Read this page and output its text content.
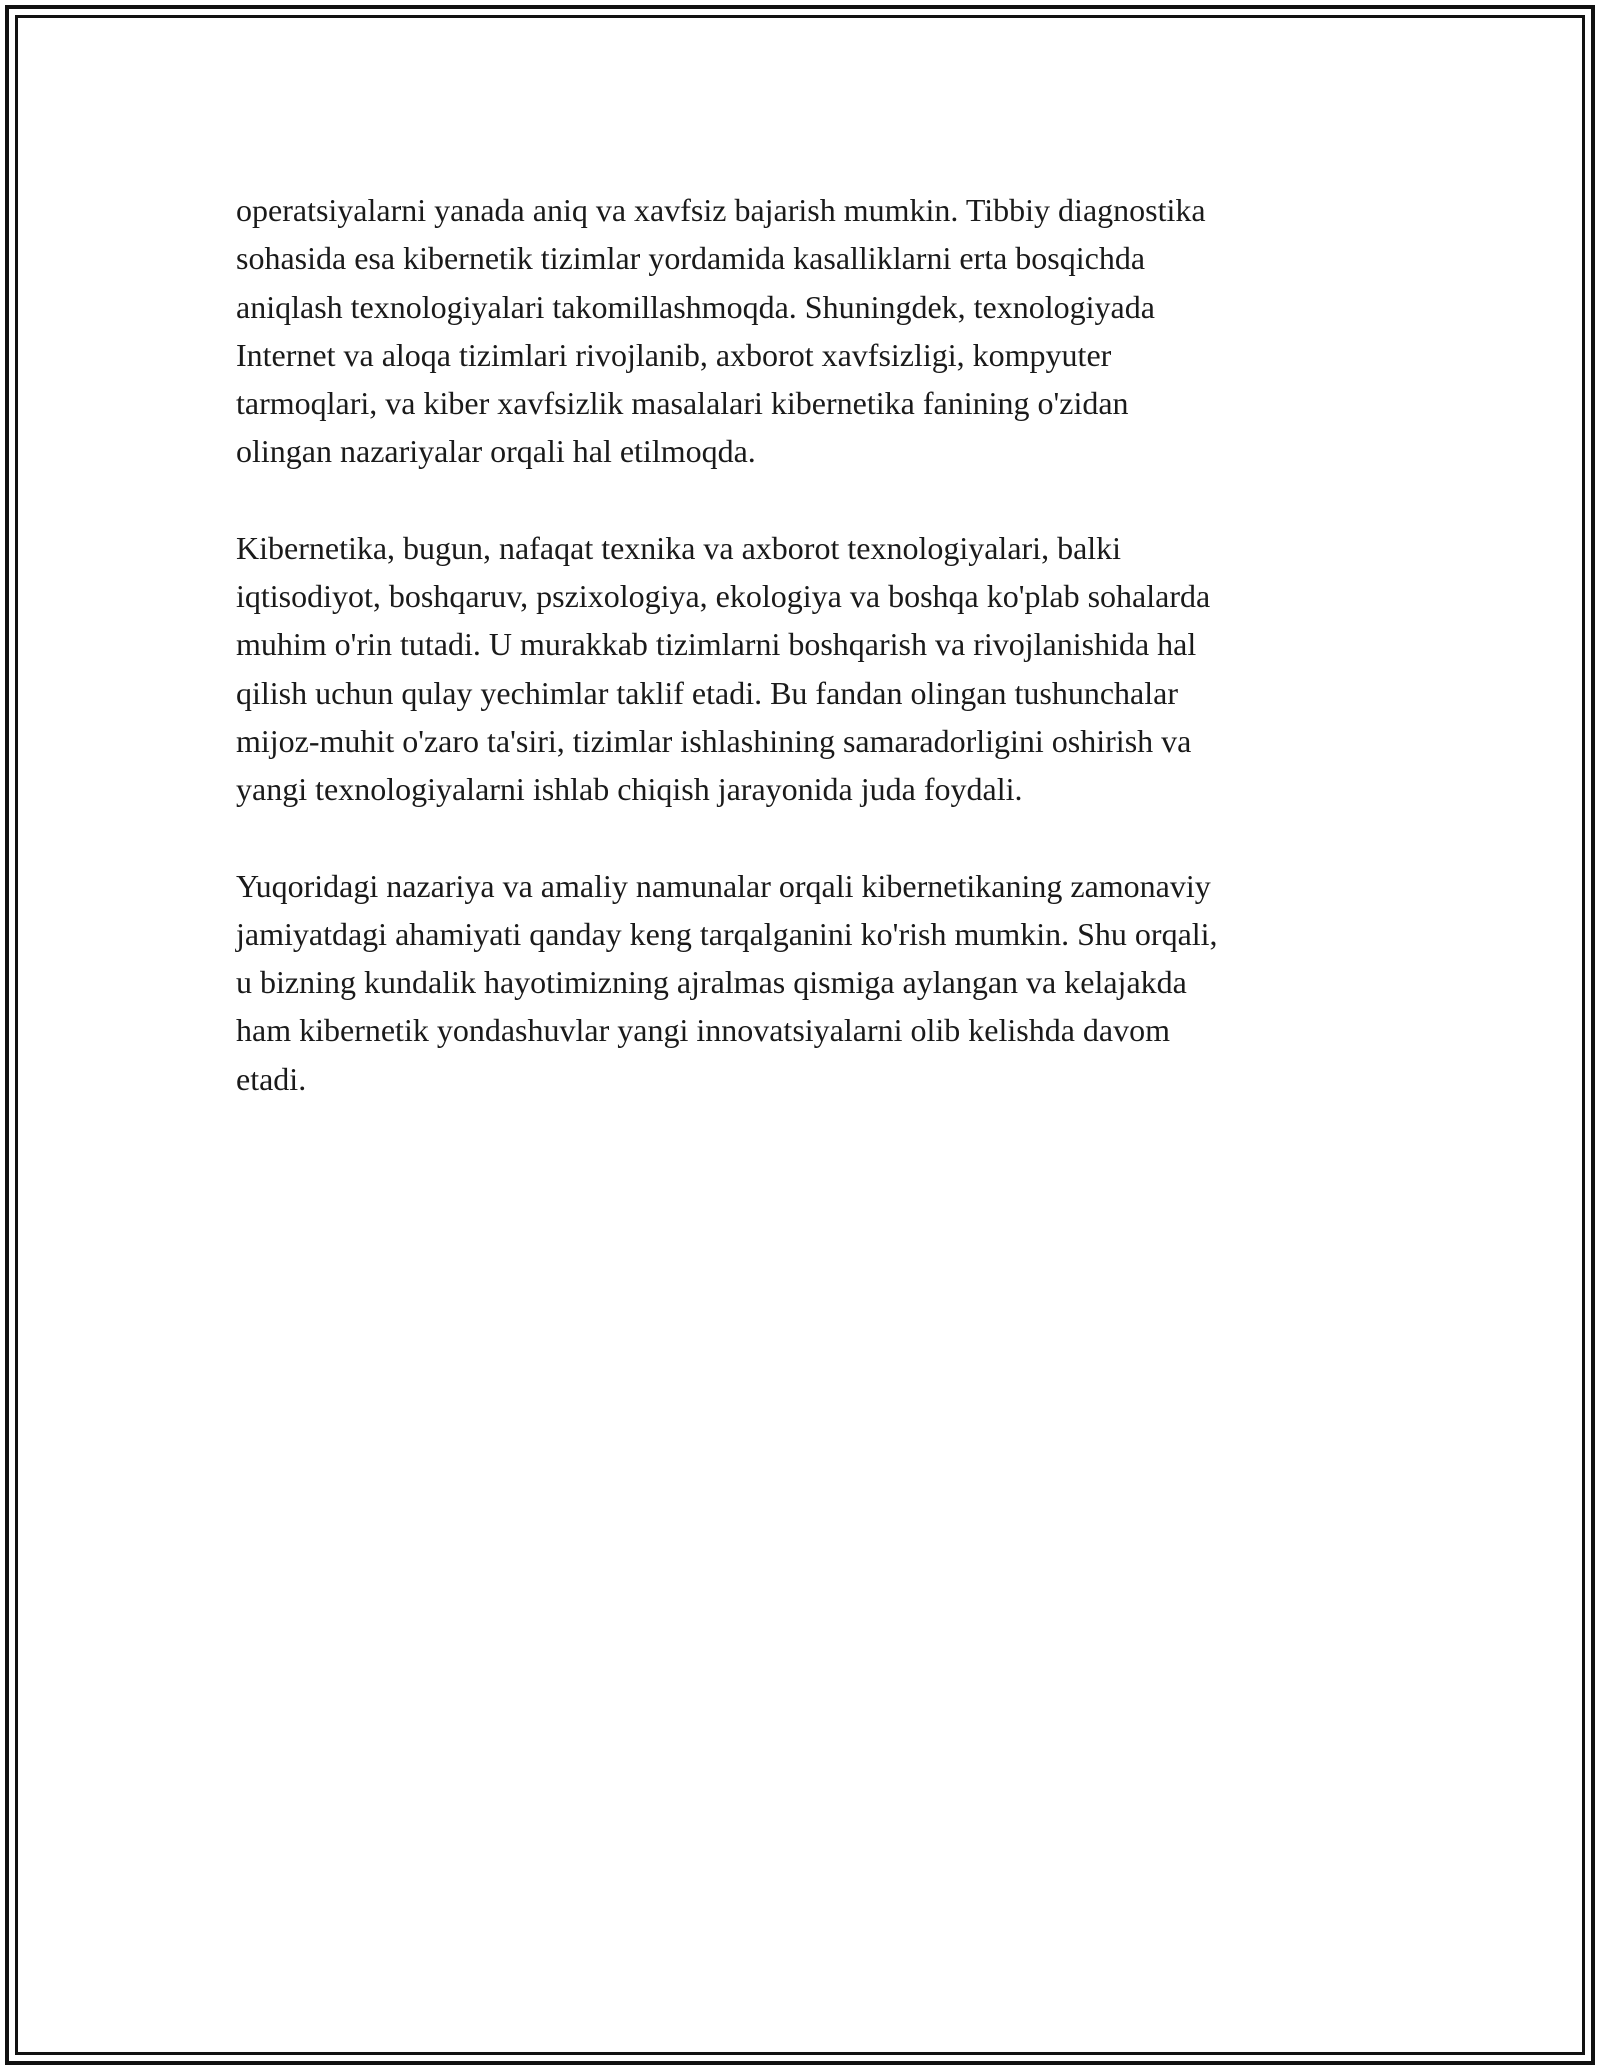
operatsiyalarni yanada aniq va xavfsiz bajarish mumkin. Tibbiy diagnostika
sohasida esa kibernetik tizimlar yordamida kasalliklarni erta bosqichda
aniqlash texnologiyalari takomillashmoqda. Shuningdek, texnologiyada
Internet va aloqa tizimlari rivojlanib, axborot xavfsizligi, kompyuter
tarmoqlari, va kiber xavfsizlik masalalari kibernetika fanining o'zidan
olingan nazariyalar orqali hal etilmoqda.

Kibernetika, bugun, nafaqat texnika va axborot texnologiyalari, balki
iqtisodiyot, boshqaruv, pszixologiya, ekologiya va boshqa ko'plab sohalarda
muhim o'rin tutadi. U murakkab tizimlarni boshqarish va rivojlanishida hal
qilish uchun qulay yechimlar taklif etadi. Bu fandan olingan tushunchalar
mijoz-muhit o'zaro ta'siri, tizimlar ishlashining samaradorligini oshirish va
yangi texnologiyalarni ishlab chiqish jarayonida juda foydali.

Yuqoridagi nazariya va amaliy namunalar orqali kibernetikaning zamonaviy
jamiyatdagi ahamiyati qanday keng tarqalganini ko'rish mumkin. Shu orqali,
u bizning kundalik hayotimizning ajralmas qismiga aylangan va kelajakda
ham kibernetik yondashuvlar yangi innovatsiyalarni olib kelishda davom
etadi.
